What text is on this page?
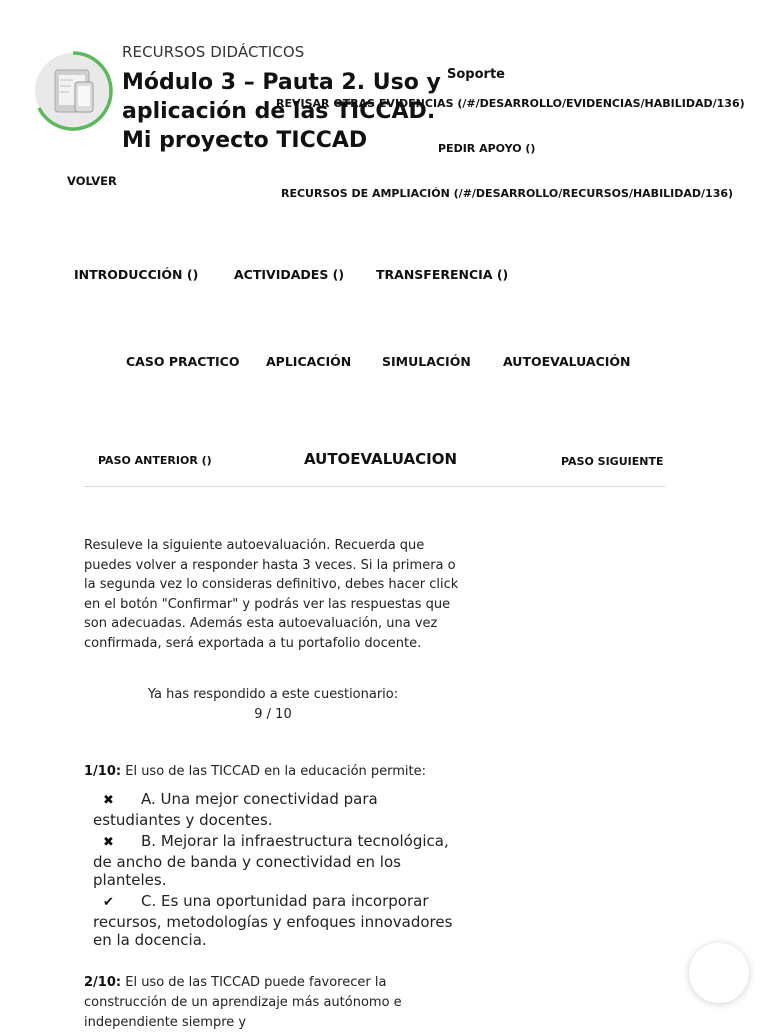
RECURSOS DIDÁCTICOS
Módulo 3 – Pauta 2. Uso y aplicación de las TICCAD. Mi proyecto TICCAD
Soporte
REVISAR OTRAS EVIDENCIAS (/#/DESARROLLO/EVIDENCIAS/HABILIDAD/136)
PEDIR APOYO ()
RECURSOS DE AMPLIACIÓN (/#/DESARROLLO/RECURSOS/HABILIDAD/136)
VOLVER
INTRODUCCIÓN ()	ACTIVIDADES ()	TRANSFERENCIA ()
CASO PRACTICO APLICACIÓN SIMULACIÓN	AUTOEVALUACIÓN
PASO ANTERIOR ()	AUTOEVALUACION	PASO SIGUIENTE
Resuleve la siguiente autoevaluación. Recuerda que puedes volver a responder hasta 3 veces. Si la primera o la segunda vez lo consideras definitivo, debes hacer click en el botón "Confirmar" y podrás ver las respuestas que son adecuadas. Además esta autoevaluación, una vez confirmada, será exportada a tu portafolio docente.
Ya has respondido a este cuestionario:
9 / 10
1/10: El uso de las TICCAD en la educación permite:
✖ A. Una mejor conectividad para estudiantes y docentes.
✖ B. Mejorar la infraestructura tecnológica, de ancho de banda y conectividad en los planteles.
✔ C. Es una oportunidad para incorporar recursos, metodologías y enfoques innovadores en la docencia.
2/10: El uso de las TICCAD puede favorecer la construcción de un aprendizaje más autónomo e independiente siempre y
